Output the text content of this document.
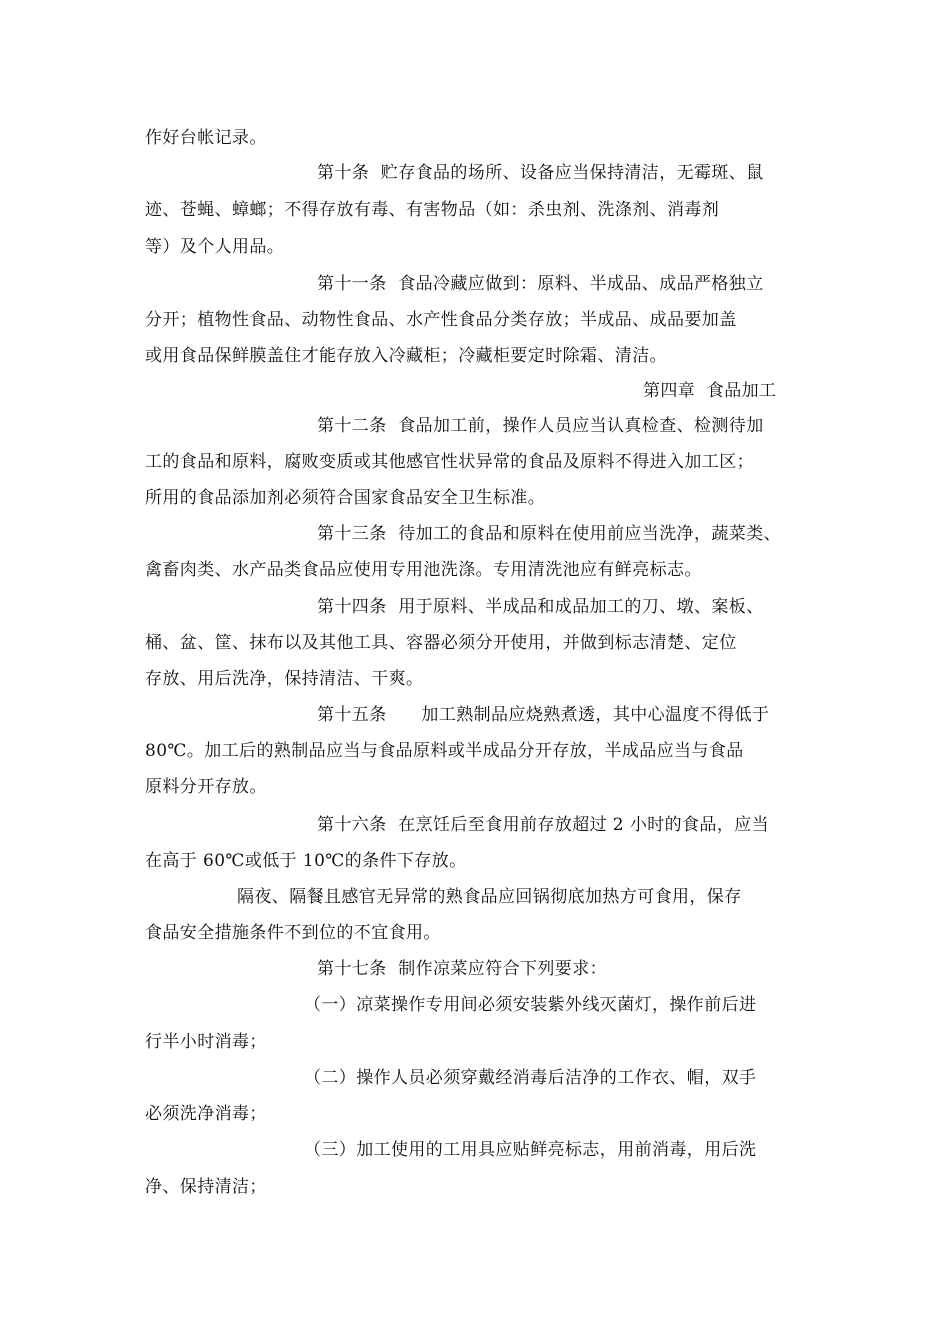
作好台帐记录。
第十条  贮存食品的场所、设备应当保持清洁，无霉斑、鼠
迹、苍蝇、蟑螂；不得存放有毒、有害物品（如：杀虫剂、洗涤剂、消毒剂
等）及个人用品。
第十一条  食品冷藏应做到：原料、半成品、成品严格独立
分开；植物性食品、动物性食品、水产性食品分类存放；半成品、成品要加盖
或用食品保鲜膜盖住才能存放入冷藏柜；冷藏柜要定时除霜、清洁。
第四章  食品加工
第十二条  食品加工前，操作人员应当认真检查、检测待加
工的食品和原料，腐败变质或其他感官性状异常的食品及原料不得进入加工区；
所用的食品添加剂必须符合国家食品安全卫生标准。
第十三条  待加工的食品和原料在使用前应当洗净，蔬菜类、
禽畜肉类、水产品类食品应使用专用池洗涤。专用清洗池应有鲜亮标志。
第十四条  用于原料、半成品和成品加工的刀、墩、案板、
桶、盆、筐、抹布以及其他工具、容器必须分开使用，并做到标志清楚、定位
存放、用后洗净，保持清洁、干爽。
第十五条      加工熟制品应烧熟煮透，其中心温度不得低于
80℃。加工后的熟制品应当与食品原料或半成品分开存放，半成品应当与食品
原料分开存放。
第十六条  在烹饪后至食用前存放超过 2 小时的食品，应当
在高于 60℃或低于 10℃的条件下存放。
隔夜、隔餐且感官无异常的熟食品应回锅彻底加热方可食用，保存
食品安全措施条件不到位的不宜食用。
第十七条  制作凉菜应符合下列要求：
（一）凉菜操作专用间必须安装紫外线灭菌灯，操作前后进
行半小时消毒；
（二）操作人员必须穿戴经消毒后洁净的工作衣、帽，双手
必须洗净消毒；
（三）加工使用的工用具应贴鲜亮标志，用前消毒，用后洗
净、保持清洁；
